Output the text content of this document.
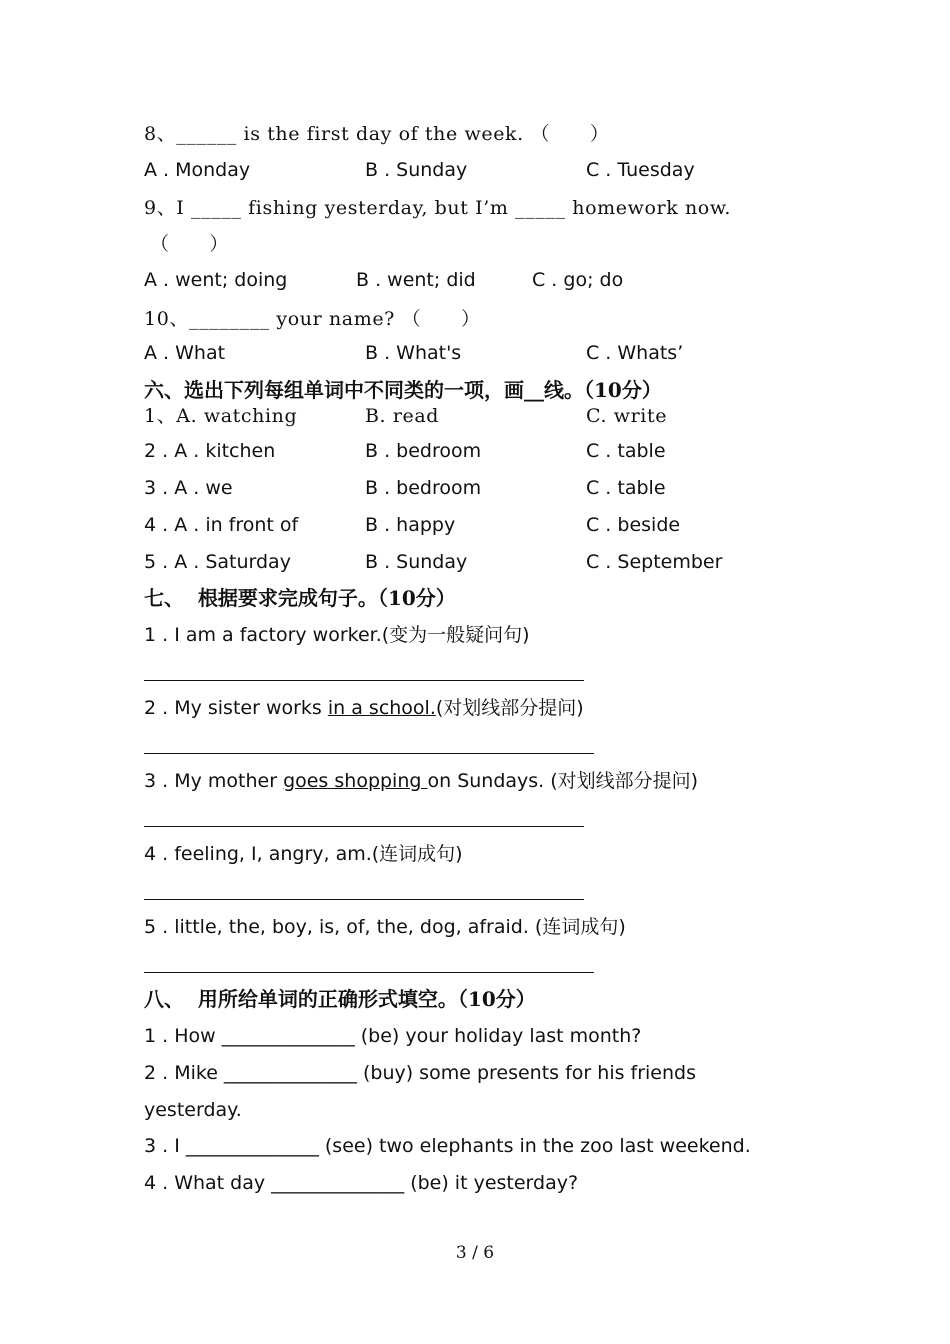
8、______ is the first day of the week. （      ）
A . Monday	B . Sunday	C . Tuesday
9、I _____ fishing yesterday, but I’m _____ homework now.
（      ）
A . went; doing	B . went; did	C . go; do
10、________ your name? （      ）
A . What	B . What's	C . Whats’
六、选出下列每组单词中不同类的一项，画__线。（10分）
1、A. watching	B. read	C. write
2 . A . kitchen	B . bedroom	C . table
3 . A . we	B . bedroom	C . table
4 . A . in front of	B . happy	C . beside
5 . A . Saturday	B . Sunday	C . September
七、  根据要求完成句子。（10分）
1 . I am a factory worker.(变为一般疑问句)
2 . My sister works in a school.(对划线部分提问)
3 . My mother goes shopping on Sundays. (对划线部分提问)
4 . feeling, I, angry, am.(连词成句)
5 . little, the, boy, is, of, the, dog, afraid. (连词成句)
八、  用所给单词的正确形式填空。（10分）
1 . How ______________ (be) your holiday last month?
2 . Mike ______________ (buy) some presents for his friends
yesterday.
3 . I ______________ (see) two elephants in the zoo last weekend.
4 . What day ______________ (be) it yesterday?
3 / 6
